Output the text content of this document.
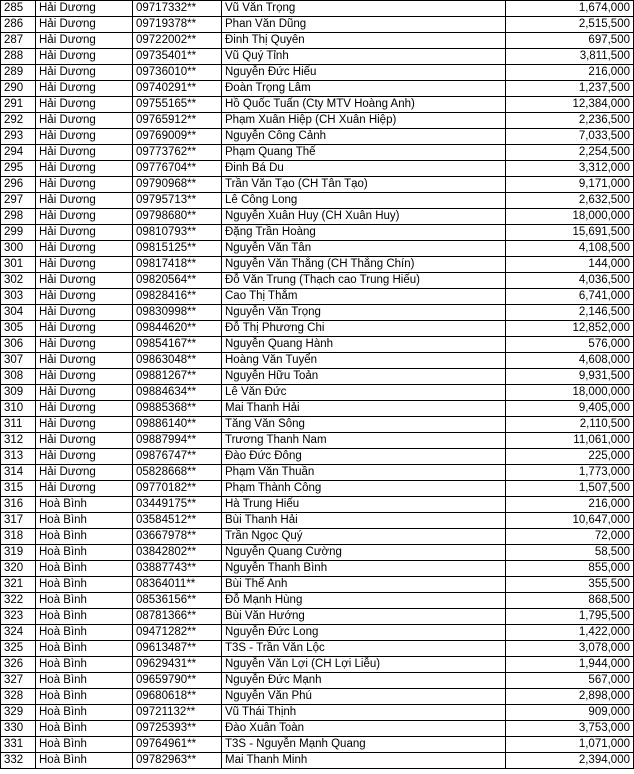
285	Hải Dương	09717332**	Vũ Văn Trọng	1,674,000
286	Hải Dương	09719378**	Phan Văn Dũng	2,515,500
287	Hải Dương	09722002**	Đinh Thị Quyên	697,500
288	Hải Dương	09735401**	Vũ Quý Tỉnh	3,811,500
289	Hải Dương	09736010**	Nguyễn Đức Hiếu	216,000
290	Hải Dương	09740291**	Đoàn Trọng Lâm	1,237,500
291	Hải Dương	09755165**	Hồ Quốc Tuấn (Cty MTV Hoàng Anh)	12,384,000
292	Hải Dương	09765912**	Phạm Xuân Hiệp (CH Xuân Hiệp)	2,236,500
293	Hải Dương	09769009**	Nguyễn Công Cảnh	7,033,500
294	Hải Dương	09773762**	Phạm Quang Thế	2,254,500
295	Hải Dương	09776704**	Đinh Bá Du	3,312,000
296	Hải Dương	09790968**	Trần Văn Tạo (CH Tân Tạo)	9,171,000
297	Hải Dương	09795713**	Lê Công Long	2,632,500
298	Hải Dương	09798680**	Nguyễn Xuân Huy (CH Xuân Huy)	18,000,000
299	Hải Dương	09810793**	Đặng Trần Hoàng	15,691,500
300	Hải Dương	09815125**	Nguyễn Văn Tân	4,108,500
301	Hải Dương	09817418**	Nguyễn Văn Thắng (CH Thắng Chín)	144,000
302	Hải Dương	09820564**	Đỗ Văn Trung (Thạch cao Trung Hiếu)	4,036,500
303	Hải Dương	09828416**	Cao Thị Thắm	6,741,000
304	Hải Dương	09830998**	Nguyễn Văn Trọng	2,146,500
305	Hải Dương	09844620**	Đỗ Thị Phương Chi	12,852,000
306	Hải Dương	09854167**	Nguyễn Quang Hành	576,000
307	Hải Dương	09863048**	Hoàng Văn Tuyển	4,608,000
308	Hải Dương	09881267**	Nguyễn Hữu Toản	9,931,500
309	Hải Dương	09884634**	Lê Văn Đức	18,000,000
310	Hải Dương	09885368**	Mai Thanh Hải	9,405,000
311	Hải Dương	09886140**	Tăng Văn Sông	2,110,500
312	Hải Dương	09887994**	Trương Thanh Nam	11,061,000
313	Hải Dương	09876747**	Đào Đức Đông	225,000
314	Hải Dương	05828668**	Phạm Văn Thuần	1,773,000
315	Hải Dương	09770182**	Phạm Thành Công	1,507,500
316	Hoà Bình	03449175**	Hà Trung Hiếu	216,000
317	Hoà Bình	03584512**	Bùi Thanh Hải	10,647,000
318	Hoà Bình	03667978**	Trần Ngọc Quý	72,000
319	Hoà Bình	03842802**	Nguyễn Quang Cường	58,500
320	Hoà Bình	03887743**	Nguyễn Thanh Bình	855,000
321	Hoà Bình	08364011**	Bùi Thế Anh	355,500
322	Hoà Bình	08536156**	Đỗ Mạnh Hùng	868,500
323	Hoà Bình	08781366**	Bùi Văn Hướng	1,795,500
324	Hoà Bình	09471282**	Nguyễn Đức Long	1,422,000
325	Hoà Bình	09613487**	T3S - Trần Văn Lộc	3,078,000
326	Hoà Bình	09629431**	Nguyễn Văn Lợi (CH Lợi Liễu)	1,944,000
327	Hoà Bình	09659790**	Nguyễn Đức Mạnh	567,000
328	Hoà Bình	09680618**	Nguyễn Văn Phú	2,898,000
329	Hoà Bình	09721132**	Vũ Thái Thịnh	909,000
330	Hoà Bình	09725393**	Đào Xuân Toàn	3,753,000
331	Hoà Bình	09764961**	T3S - Nguyễn Mạnh Quang	1,071,000
332	Hoà Bình	09782963**	Mai Thanh Minh	2,394,000
